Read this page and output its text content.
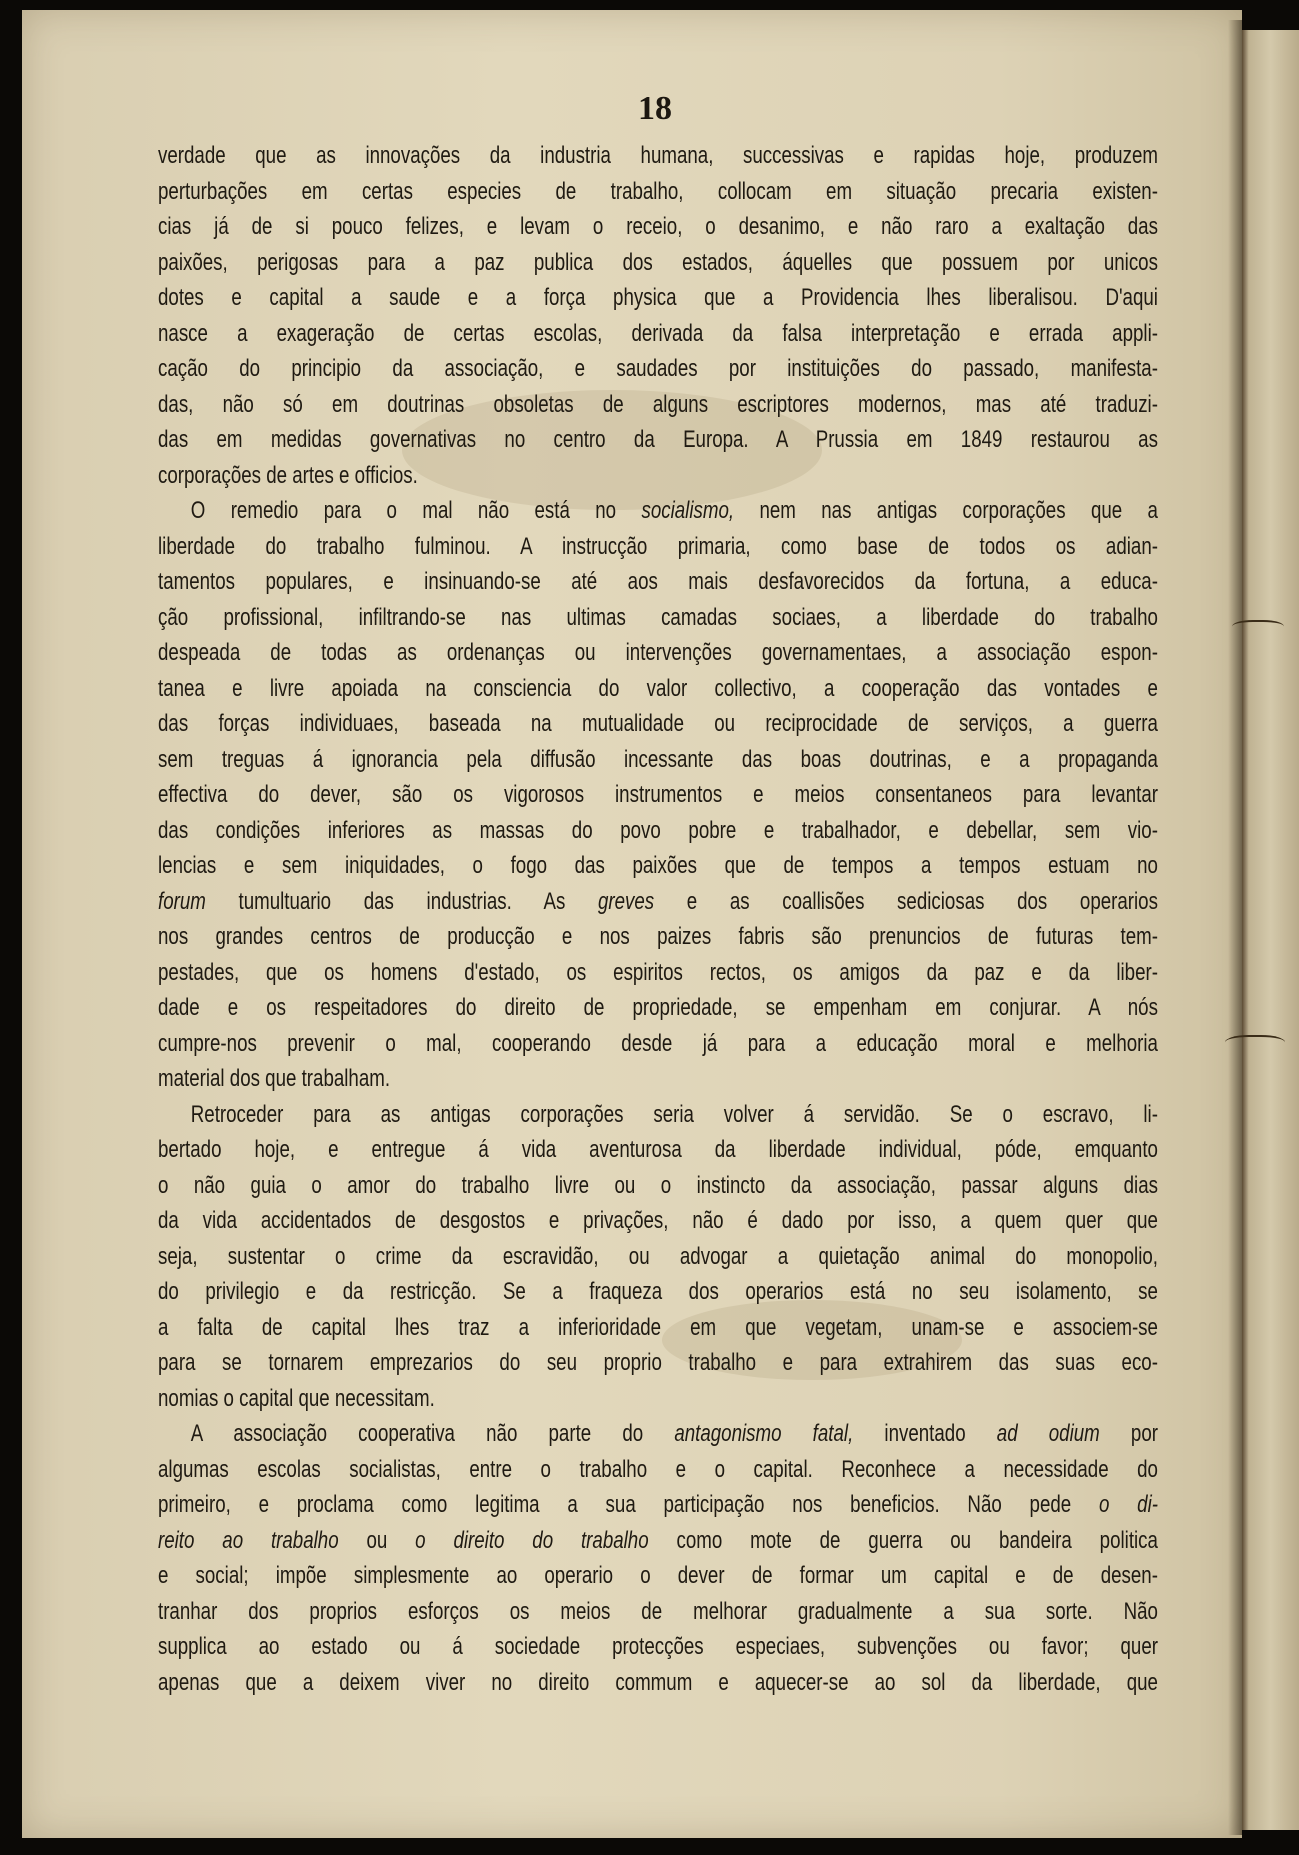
18
verdade que as innovações da industria humana, successivas e rapidas hoje, produzem
perturbações em certas especies de trabalho, collocam em situação precaria existen-
cias já de si pouco felizes, e levam o receio, o desanimo, e não raro a exaltação das
paixões, perigosas para a paz publica dos estados, áquelles que possuem por unicos
dotes e capital a saude e a força physica que a Providencia lhes liberalisou. D'aqui
nasce a exageração de certas escolas, derivada da falsa interpretação e errada appli-
cação do principio da associação, e saudades por instituições do passado, manifesta-
das, não só em doutrinas obsoletas de alguns escriptores modernos, mas até traduzi-
das em medidas governativas no centro da Europa. A Prussia em 1849 restaurou as
corporações de artes e officios.
O remedio para o mal não está no socialismo, nem nas antigas corporações que a
liberdade do trabalho fulminou. A instrucção primaria, como base de todos os adian-
tamentos populares, e insinuando-se até aos mais desfavorecidos da fortuna, a educa-
ção profissional, infiltrando-se nas ultimas camadas sociaes, a liberdade do trabalho
despeada de todas as ordenanças ou intervenções governamentaes, a associação espon-
tanea e livre apoiada na consciencia do valor collectivo, a cooperação das vontades e
das forças individuaes, baseada na mutualidade ou reciprocidade de serviços, a guerra
sem treguas á ignorancia pela diffusão incessante das boas doutrinas, e a propaganda
effectiva do dever, são os vigorosos instrumentos e meios consentaneos para levantar
das condições inferiores as massas do povo pobre e trabalhador, e debellar, sem vio-
lencias e sem iniquidades, o fogo das paixões que de tempos a tempos estuam no
forum tumultuario das industrias. As greves e as coallisões sediciosas dos operarios
nos grandes centros de producção e nos paizes fabris são prenuncios de futuras tem-
pestades, que os homens d'estado, os espiritos rectos, os amigos da paz e da liber-
dade e os respeitadores do direito de propriedade, se empenham em conjurar. A nós
cumpre-nos prevenir o mal, cooperando desde já para a educação moral e melhoria
material dos que trabalham.
Retroceder para as antigas corporações seria volver á servidão. Se o escravo, li-
bertado hoje, e entregue á vida aventurosa da liberdade individual, póde, emquanto
o não guia o amor do trabalho livre ou o instincto da associação, passar alguns dias
da vida accidentados de desgostos e privações, não é dado por isso, a quem quer que
seja, sustentar o crime da escravidão, ou advogar a quietação animal do monopolio,
do privilegio e da restricção. Se a fraqueza dos operarios está no seu isolamento, se
a falta de capital lhes traz a inferioridade em que vegetam, unam-se e associem-se
para se tornarem emprezarios do seu proprio trabalho e para extrahirem das suas eco-
nomias o capital que necessitam.
A associação cooperativa não parte do antagonismo fatal, inventado ad odium por
algumas escolas socialistas, entre o trabalho e o capital. Reconhece a necessidade do
primeiro, e proclama como legitima a sua participação nos beneficios. Não pede o di-
reito ao trabalho ou o direito do trabalho como mote de guerra ou bandeira politica
e social; impõe simplesmente ao operario o dever de formar um capital e de desen-
tranhar dos proprios esforços os meios de melhorar gradualmente a sua sorte. Não
supplica ao estado ou á sociedade protecções especiaes, subvenções ou favor; quer
apenas que a deixem viver no direito commum e aquecer-se ao sol da liberdade, que
